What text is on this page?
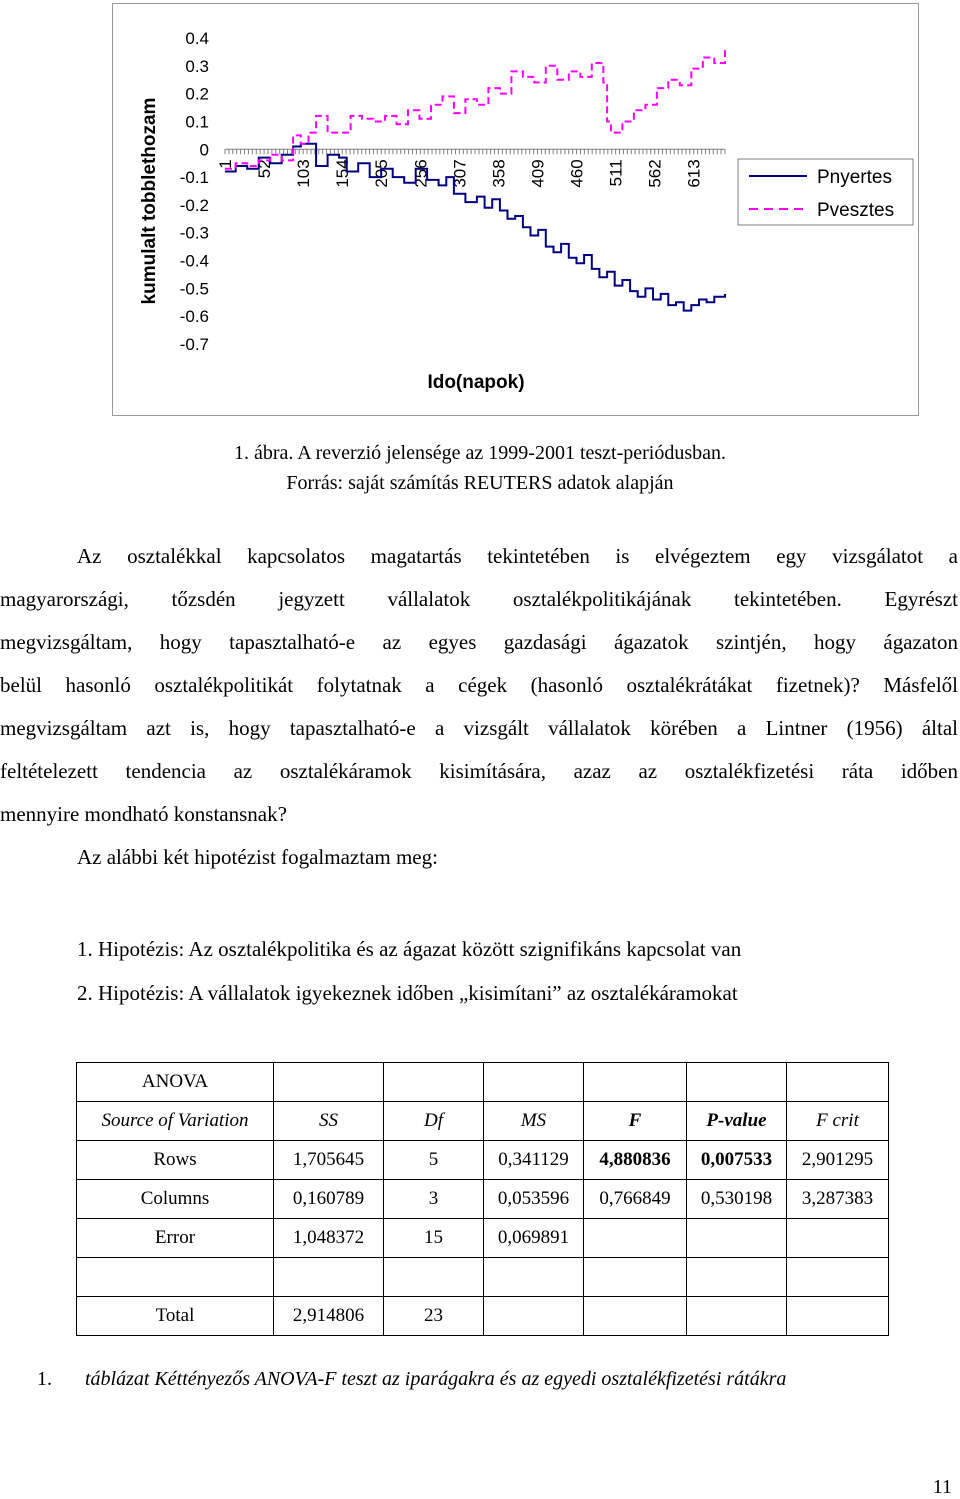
kumulalt tobblethozam
0.4
0.3
0.2
0.1
0
-0.1
-0.2
-0.3
-0.4
-0.5
-0.6
-0.7
1 52 103 154 205 256 307 358 409 460 511 562 613
Ido(napok)
Pnyertes
Pvesztes
1. ábra. A reverzió jelensége az 1999-2001 teszt-periódusban.
Forrás: saját számítás REUTERS adatok alapján
Az osztalékkal kapcsolatos magatartás tekintetében is elvégeztem egy vizsgálatot a
magyarországi, tőzsdén jegyzett vállalatok osztalékpolitikájának tekintetében. Egyrészt
megvizsgáltam, hogy tapasztalható-e az egyes gazdasági ágazatok szintjén, hogy ágazaton
belül hasonló osztalékpolitikát folytatnak a cégek (hasonló osztalékrátákat fizetnek)? Másfelől
megvizsgáltam azt is, hogy tapasztalható-e a vizsgált vállalatok körében a Lintner (1956) által
feltételezett tendencia az osztalékáramok kisimítására, azaz az osztalékfizetési ráta időben
mennyire mondható konstansnak?
Az alábbi két hipotézist fogalmaztam meg:
1. Hipotézis: Az osztalékpolitika és az ágazat között szignifikáns kapcsolat van
2. Hipotézis: A vállalatok igyekeznek időben „kisimítani” az osztalékáramokat
ANOVA						
Source of Variation	SS	Df	MS	F	P-value	F crit
Rows	1,705645	5	0,341129	4,880836	0,007533	2,901295
Columns	0,160789	3	0,053596	0,766849	0,530198	3,287383
Error	1,048372	15	0,069891			

Total	2,914806	23				
1. táblázat Kéttényezős ANOVA-F teszt az iparágakra és az egyedi osztalékfizetési rátákra
11
